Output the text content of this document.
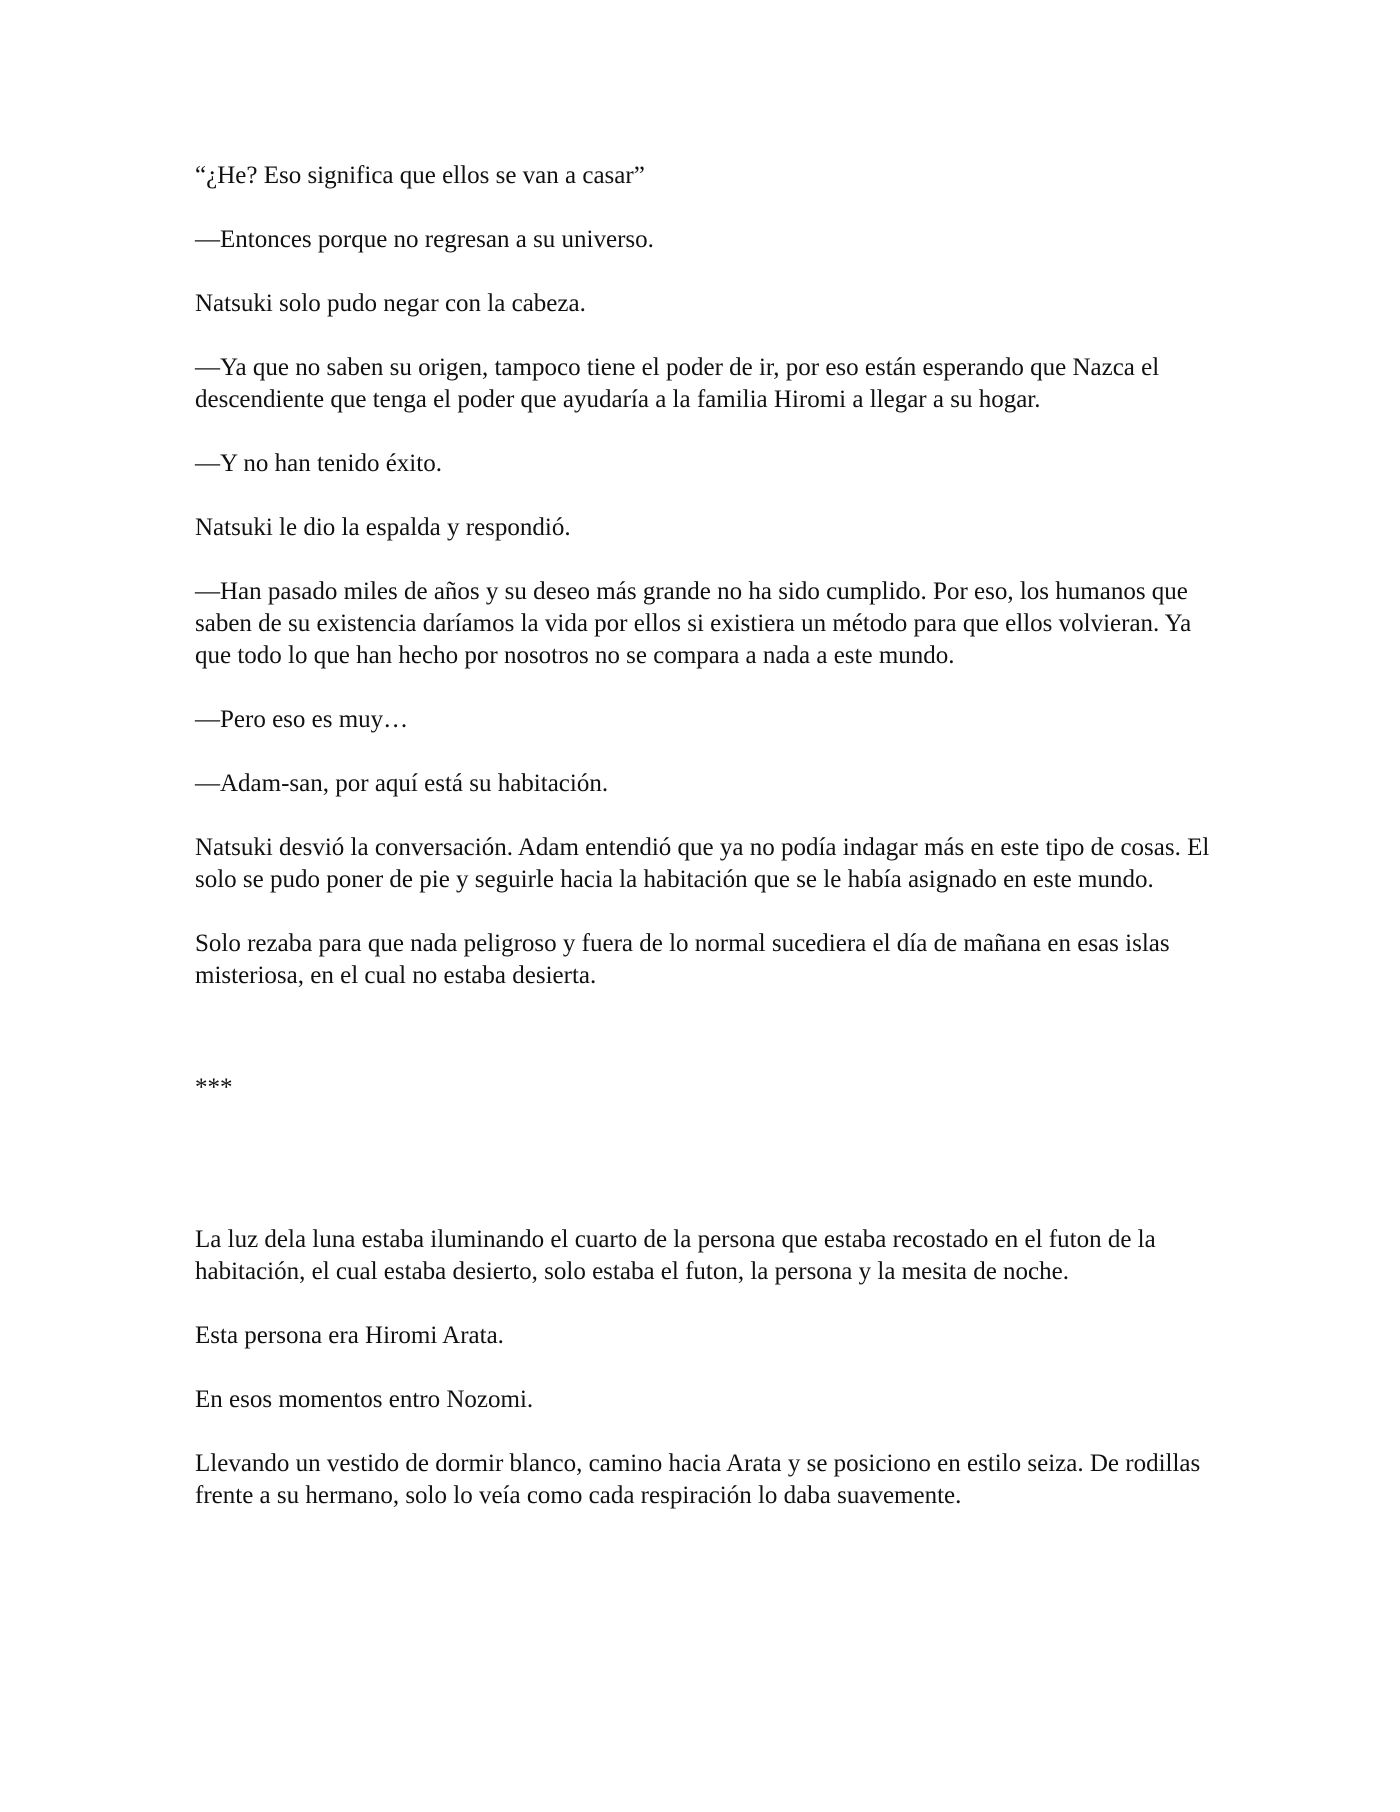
“¿He? Eso significa que ellos se van a casar”

—Entonces porque no regresan a su universo.

Natsuki solo pudo negar con la cabeza.

—Ya que no saben su origen, tampoco tiene el poder de ir, por eso están esperando que Nazca el descendiente que tenga el poder que ayudaría a la familia Hiromi a llegar a su hogar.

—Y no han tenido éxito.

Natsuki le dio la espalda y respondió.

—Han pasado miles de años y su deseo más grande no ha sido cumplido. Por eso, los humanos que saben de su existencia daríamos la vida por ellos si existiera un método para que ellos volvieran. Ya que todo lo que han hecho por nosotros no se compara a nada a este mundo.

—Pero eso es muy…

—Adam-san, por aquí está su habitación.

Natsuki desvió la conversación. Adam entendió que ya no podía indagar más en este tipo de cosas. El solo se pudo poner de pie y seguirle hacia la habitación que se le había asignado en este mundo.

Solo rezaba para que nada peligroso y fuera de lo normal sucediera el día de mañana en esas islas misteriosa, en el cual no estaba desierta.

***

La luz dela luna estaba iluminando el cuarto de la persona que estaba recostado en el futon de la habitación, el cual estaba desierto, solo estaba el futon, la persona y la mesita de noche.

Esta persona era Hiromi Arata.

En esos momentos entro Nozomi.

Llevando un vestido de dormir blanco, camino hacia Arata y se posiciono en estilo seiza. De rodillas frente a su hermano, solo lo veía como cada respiración lo daba suavemente.
